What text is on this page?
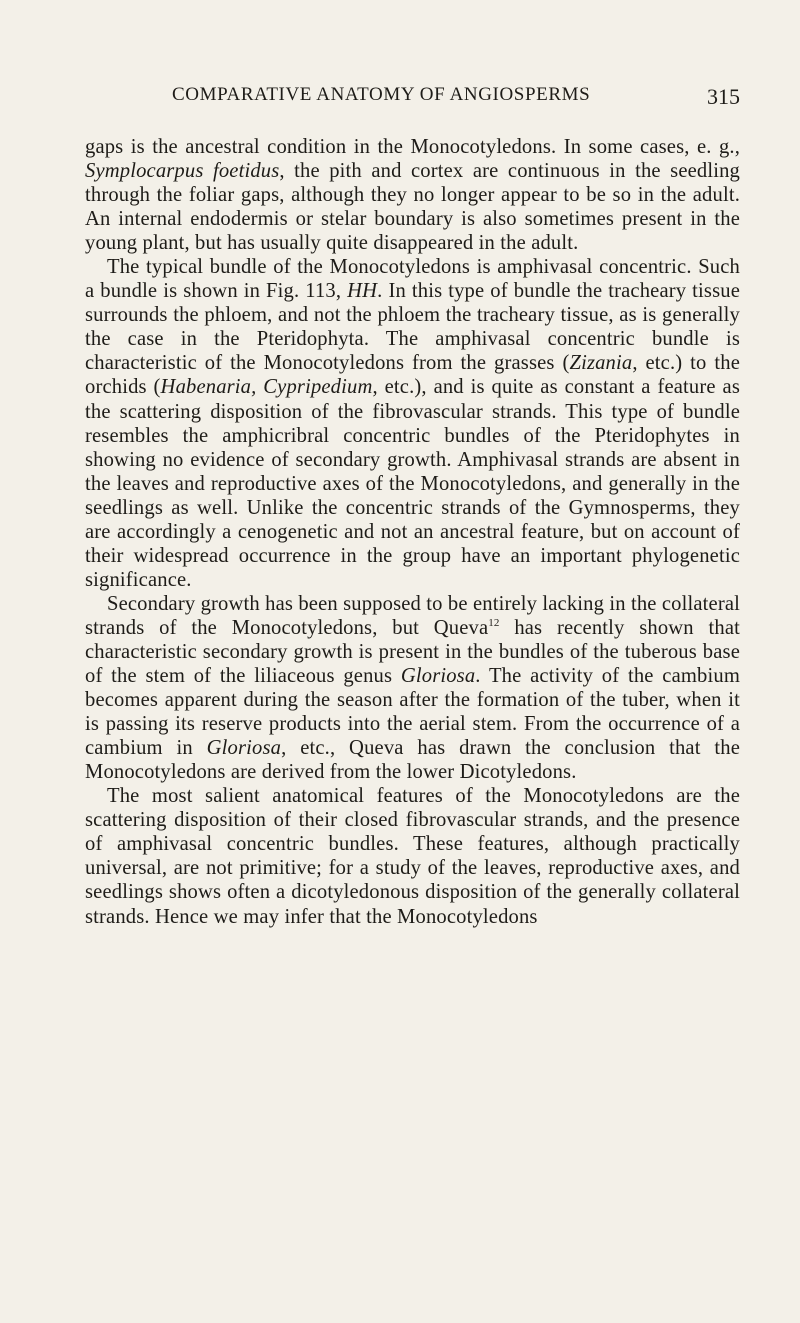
COMPARATIVE ANATOMY OF ANGIOSPERMS	315

gaps is the ancestral condition in the Monocotyledons. In some cases, e. g., Symplocarpus foetidus, the pith and cortex are continuous in the seedling through the foliar gaps, although they no longer appear to be so in the adult. An internal endodermis or stelar boundary is also sometimes present in the young plant, but has usually quite disappeared in the adult.

The typical bundle of the Monocotyledons is amphivasal concentric. Such a bundle is shown in Fig. 113, HH. In this type of bundle the tracheary tissue surrounds the phloem, and not the phloem the tracheary tissue, as is generally the case in the Pteridophyta. The amphivasal concentric bundle is characteristic of the Monocotyledons from the grasses (Zizania, etc.) to the orchids (Habenaria, Cypripedium, etc.), and is quite as constant a feature as the scattering disposition of the fibrovascular strands. This type of bundle resembles the amphicribral concentric bundles of the Pteridophytes in showing no evidence of secondary growth. Amphivasal strands are absent in the leaves and reproductive axes of the Monocotyledons, and generally in the seedlings as well. Unlike the concentric strands of the Gymnosperms, they are accordingly a cenogenetic and not an ancestral feature, but on account of their widespread occurrence in the group have an important phylogenetic significance.

Secondary growth has been supposed to be entirely lacking in the collateral strands of the Monocotyledons, but Queva$^{12}$ has recently shown that characteristic secondary growth is present in the bundles of the tuberous base of the stem of the liliaceous genus Gloriosa. The activity of the cambium becomes apparent during the season after the formation of the tuber, when it is passing its reserve products into the aerial stem. From the occurrence of a cambium in Gloriosa, etc., Queva has drawn the conclusion that the Monocotyledons are derived from the lower Dicotyledons.

The most salient anatomical features of the Monocotyledons are the scattering disposition of their closed fibrovascular strands, and the presence of amphivasal concentric bundles. These features, although practically universal, are not primitive; for a study of the leaves, reproductive axes, and seedlings shows often a dicotyledonous disposition of the generally collateral strands. Hence we may infer that the Monocotyledons
